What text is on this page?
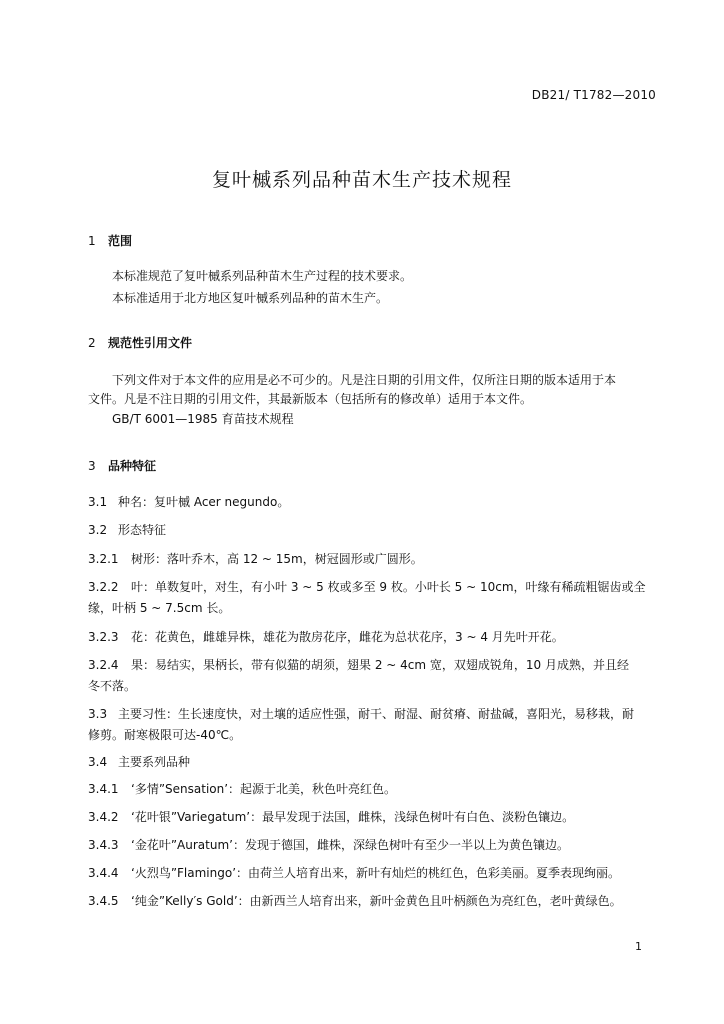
DB21/ T1782—2010
复叶槭系列品种苗木生产技术规程
1 范围
本标准规范了复叶槭系列品种苗木生产过程的技术要求。
本标准适用于北方地区复叶槭系列品种的苗木生产。
2 规范性引用文件
下列文件对于本文件的应用是必不可少的。凡是注日期的引用文件，仅所注日期的版本适用于本
文件。凡是不注日期的引用文件，其最新版本（包括所有的修改单）适用于本文件。
GB/T 6001—1985 育苗技术规程
3 品种特征
3.1 种名：复叶槭 Acer negundo。
3.2 形态特征
3.2.1 树形：落叶乔木，高 12 ~ 15m，树冠圆形或广圆形。
3.2.2 叶：单数复叶，对生，有小叶 3 ~ 5 枚或多至 9 枚。小叶长 5 ~ 10cm，叶缘有稀疏粗锯齿或全
缘，叶柄 5 ~ 7.5cm 长。
3.2.3 花：花黄色，雌雄异株，雄花为散房花序，雌花为总状花序，3 ~ 4 月先叶开花。
3.2.4 果：易结实，果柄长，带有似猫的胡须，翅果 2 ~ 4cm 宽，双翅成锐角，10 月成熟，并且经
冬不落。
3.3 主要习性：生长速度快，对土壤的适应性强，耐干、耐湿、耐贫瘠、耐盐碱，喜阳光，易移栽，耐
修剪。耐寒极限可达-40℃。
3.4 主要系列品种
3.4.1 ‘多情”Sensation’：起源于北美，秋色叶亮红色。
3.4.2 ‘花叶银”Variegatum’：最早发现于法国，雌株，浅绿色树叶有白色、淡粉色镶边。
3.4.3 ‘金花叶”Auratum’：发现于德国，雌株，深绿色树叶有至少一半以上为黄色镶边。
3.4.4 ‘火烈鸟”Flamingo’：由荷兰人培育出来，新叶有灿烂的桃红色，色彩美丽。夏季表现绚丽。
3.4.5 ‘纯金”Kelly′s Gold’：由新西兰人培育出来，新叶金黄色且叶柄颜色为亮红色，老叶黄绿色。
1
